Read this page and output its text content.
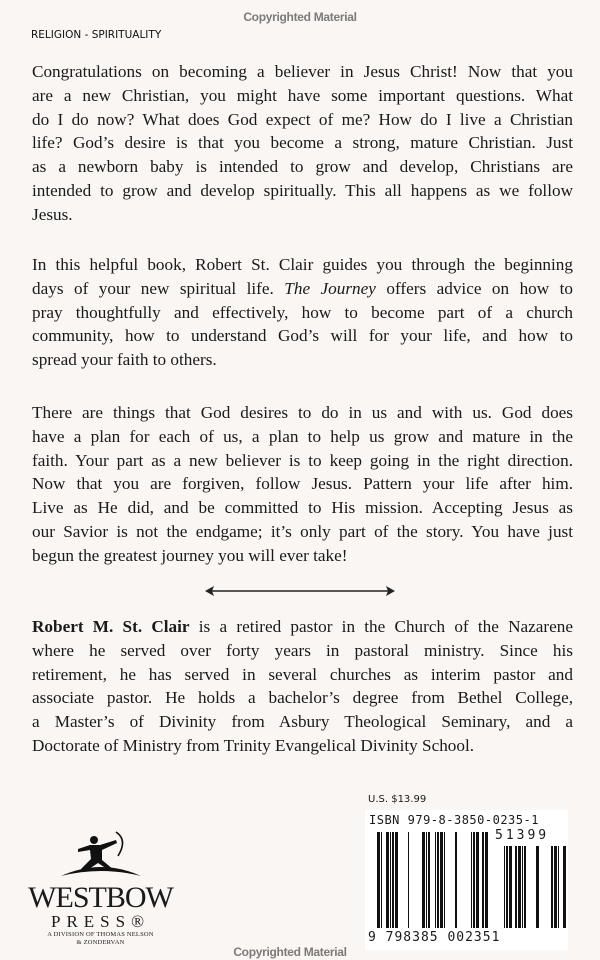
Copyrighted Material
RELIGION - SPIRITUALITY
Congratulations on becoming a believer in Jesus Christ! Now that you
are a new Christian, you might have some important questions. What
do I do now? What does God expect of me? How do I live a Christian
life? God’s desire is that you become a strong, mature Christian. Just
as a newborn baby is intended to grow and develop, Christians are
intended to grow and develop spiritually. This all happens as we follow
Jesus.
In this helpful book, Robert St. Clair guides you through the beginning
days of your new spiritual life. The Journey offers advice on how to
pray thoughtfully and effectively, how to become part of a church
community, how to understand God’s will for your life, and how to
spread your faith to others.
There are things that God desires to do in us and with us. God does
have a plan for each of us, a plan to help us grow and mature in the
faith. Your part as a new believer is to keep going in the right direction.
Now that you are forgiven, follow Jesus. Pattern your life after him.
Live as He did, and be committed to His mission. Accepting Jesus as
our Savior is not the endgame; it’s only part of the story. You have just
begun the greatest journey you will ever take!
Robert M. St. Clair is a retired pastor in the Church of the Nazarene
where he served over forty years in pastoral ministry. Since his
retirement, he has served in several churches as interim pastor and
associate pastor. He holds a bachelor’s degree from Bethel College,
a Master’s of Divinity from Asbury Theological Seminary, and a
Doctorate of Ministry from Trinity Evangelical Divinity School.
WESTBOW
PRESS®
A DIVISION OF THOMAS NELSON
& ZONDERVAN
Copyrighted Material
U.S. $13.99
ISBN 979-8-3850-0235-1
51399
9 798385 002351
